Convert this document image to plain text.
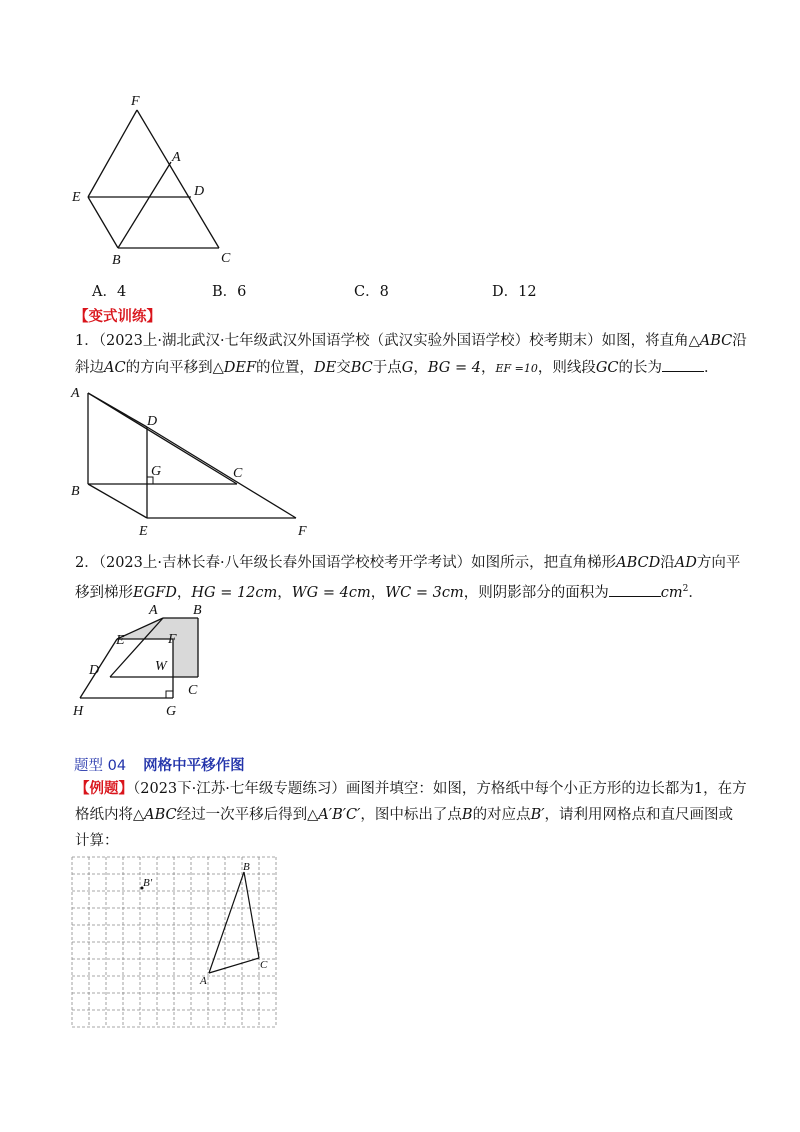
F
A
E	D
B	C
A．4	B．6	C．8	D．12
【变式训练】
1．（2023上·湖北武汉·七年级武汉外国语学校（武汉实验外国语学校）校考期末）如图，将直角△ABC沿
斜边AC的方向平移到△DEF的位置，DE交BC于点G，BG = 4，EF =10，则线段GC的长为	．
A
D
G	C
B
E	F
2．（2023上·吉林长春·八年级长春外国语学校校考开学考试）如图所示，把直角梯形ABCD沿AD方向平
移到梯形EGFD，HG = 12cm，WG = 4cm，WC = 3cm，则阴影部分的面积为	$cm^2$．
A	B
E	F
D	W
C
H	G
题型 04 网格中平移作图
【例题】（2023下·江苏·七年级专题练习）画图并填空：如图，方格纸中每个小正方形的边长都为1，在方
格纸内将△ABC经过一次平移后得到△A′B′C′，图中标出了点B的对应点B′，请利用网格点和直尺画图或
计算：
B′
B
C
A
